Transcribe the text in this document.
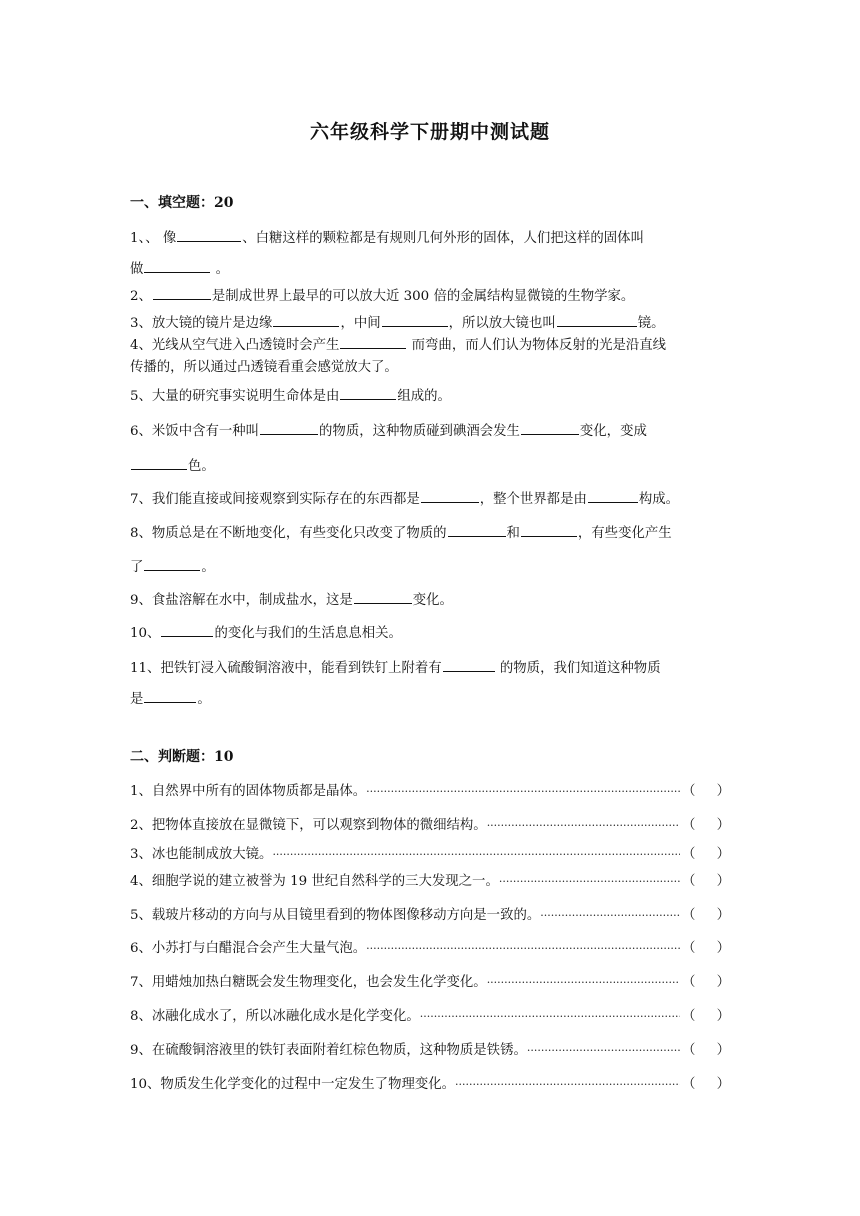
六年级科学下册期中测试题
一、填空题：20
1、、 像	、白糖这样的颗粒都是有规则几何外形的固体，人们把这样的固体叫
做	。
2、	是制成世界上最早的可以放大近 300 倍的金属结构显微镜的生物学家。
3、放大镜的镜片是边缘	，中间	，所以放大镜也叫	镜。
4、光线从空气进入凸透镜时会产生	而弯曲，而人们认为物体反射的光是沿直线
传播的，所以通过凸透镜看重会感觉放大了。
5、大量的研究事实说明生命体是由	组成的。
6、米饭中含有一种叫	的物质，这种物质碰到碘酒会发生	变化，变成
色。
7、我们能直接或间接观察到实际存在的东西都是	，整个世界都是由	构成。
8、物质总是在不断地变化，有些变化只改变了物质的	和	，有些变化产生
了	。
9、食盐溶解在水中，制成盐水，这是	变化。
10、	的变化与我们的生活息息相关。
11、把铁钉浸入硫酸铜溶液中，能看到铁钉上附着有	的物质，我们知道这种物质
是	。
二、判断题：10
1、自然界中所有的固体物质都是晶体。 ·····	（ ）
2、把物体直接放在显微镜下，可以观察到物体的微细结构。 ·····	（ ）
3、冰也能制成放大镜。 ·····	（ ）
4、细胞学说的建立被誉为 19 世纪自然科学的三大发现之一。 ·····	（ ）
5、载玻片移动的方向与从目镜里看到的物体图像移动方向是一致的。 ·····	（ ）
6、小苏打与白醋混合会产生大量气泡。 ·····	（ ）
7、用蜡烛加热白糖既会发生物理变化，也会发生化学变化。 ·····	（ ）
8、冰融化成水了，所以冰融化成水是化学变化。 ·····	（ ）
9、在硫酸铜溶液里的铁钉表面附着红棕色物质，这种物质是铁锈。 ·····	（ ）
10、物质发生化学变化的过程中一定发生了物理变化。 ·····	（ ）
